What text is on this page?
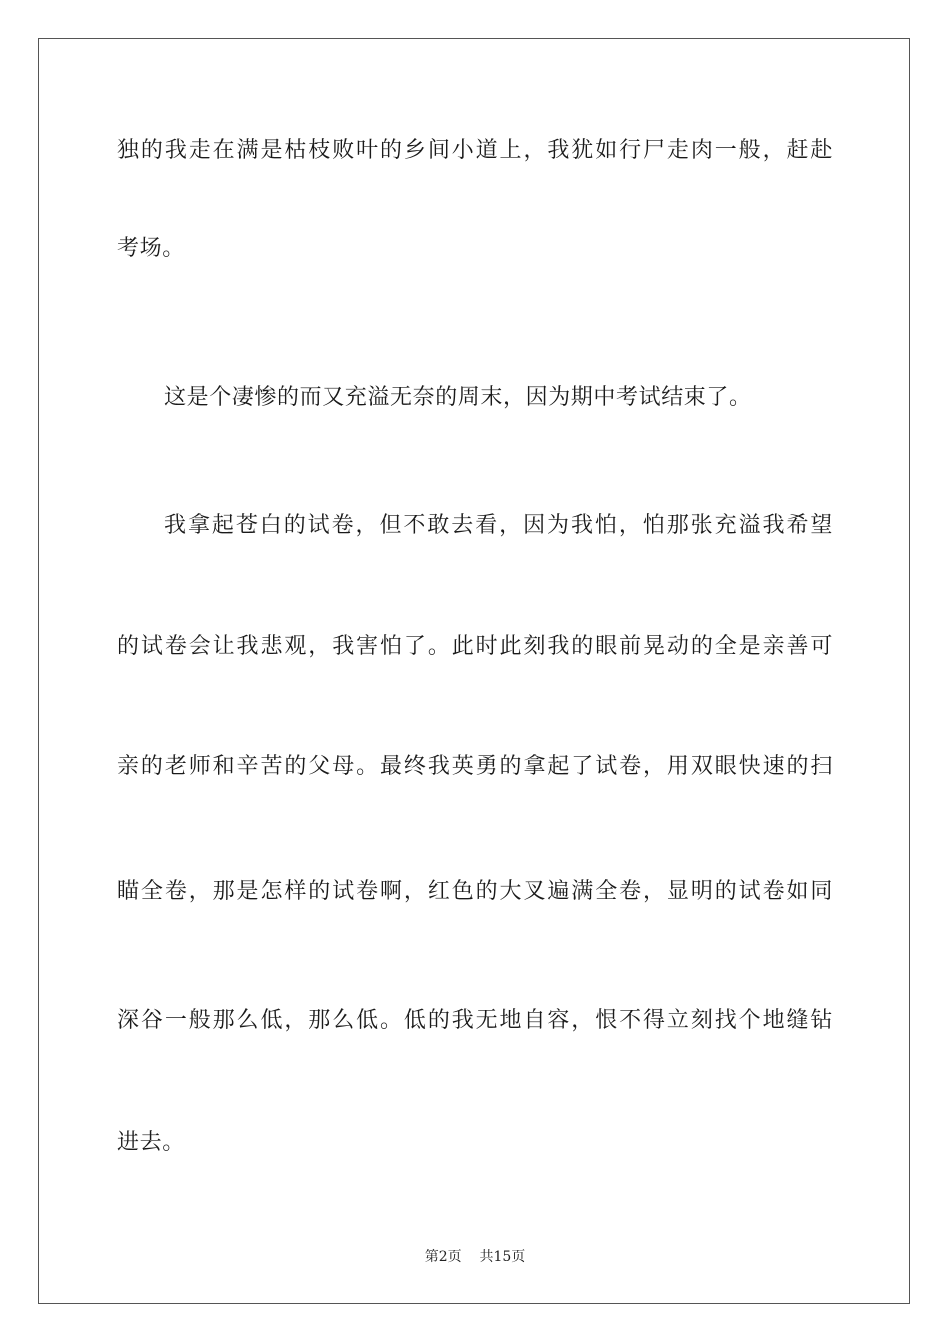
独的我走在满是枯枝败叶的乡间小道上，我犹如行尸走肉一般，赶赴
考场。
这是个凄惨的而又充溢无奈的周末，因为期中考试结束了。
我拿起苍白的试卷，但不敢去看，因为我怕，怕那张充溢我希望
的试卷会让我悲观，我害怕了。此时此刻我的眼前晃动的全是亲善可
亲的老师和辛苦的父母。最终我英勇的拿起了试卷，用双眼快速的扫
瞄全卷，那是怎样的试卷啊，红色的大叉遍满全卷，显明的试卷如同
深谷一般那么低，那么低。低的我无地自容，恨不得立刻找个地缝钻
进去。
第2页    共15页
